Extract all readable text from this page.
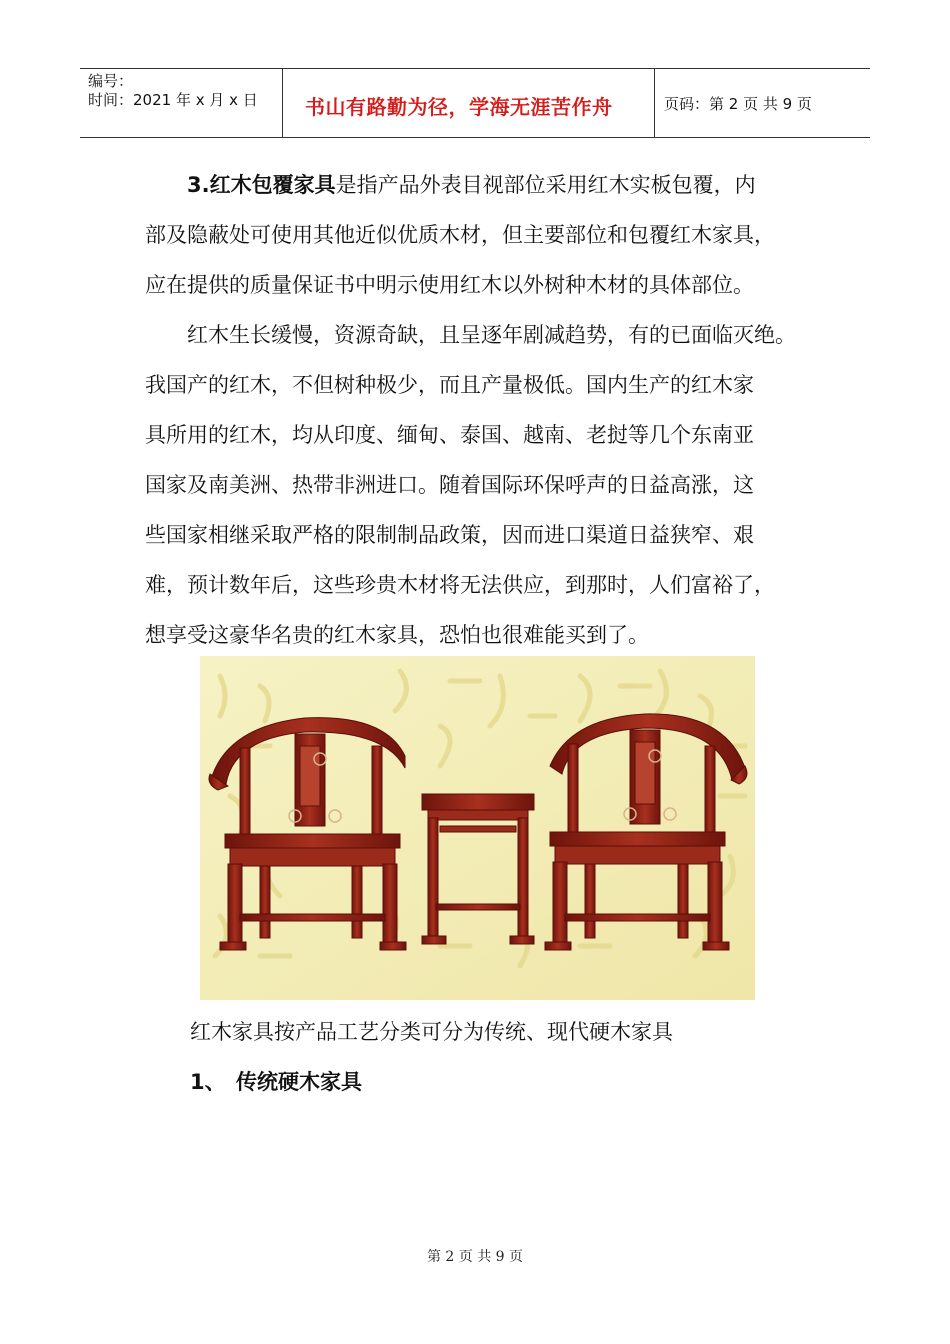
编号：
时间：2021 年 x 月 x 日 书山有路勤为径，学海无涯苦作舟	页码：第 2 页 共 9 页

3.红木包覆家具是指产品外表目视部位采用红木实板包覆，内
部及隐蔽处可使用其他近似优质木材，但主要部位和包覆红木家具，
应在提供的质量保证书中明示使用红木以外树种木材的具体部位。

红木生长缓慢，资源奇缺，且呈逐年剧减趋势，有的已面临灭绝。
我国产的红木，不但树种极少，而且产量极低。国内生产的红木家
具所用的红木，均从印度、缅甸、泰国、越南、老挝等几个东南亚
国家及南美洲、热带非洲进口。随着国际环保呼声的日益高涨，这
些国家相继采取严格的限制制品政策，因而进口渠道日益狭窄、艰
难，预计数年后，这些珍贵木材将无法供应，到那时，人们富裕了，
想享受这豪华名贵的红木家具，恐怕也很难能买到了。

红木家具按产品工艺分类可分为传统、现代硬木家具
1、 传统硬木家具
第 2 页 共 9 页
